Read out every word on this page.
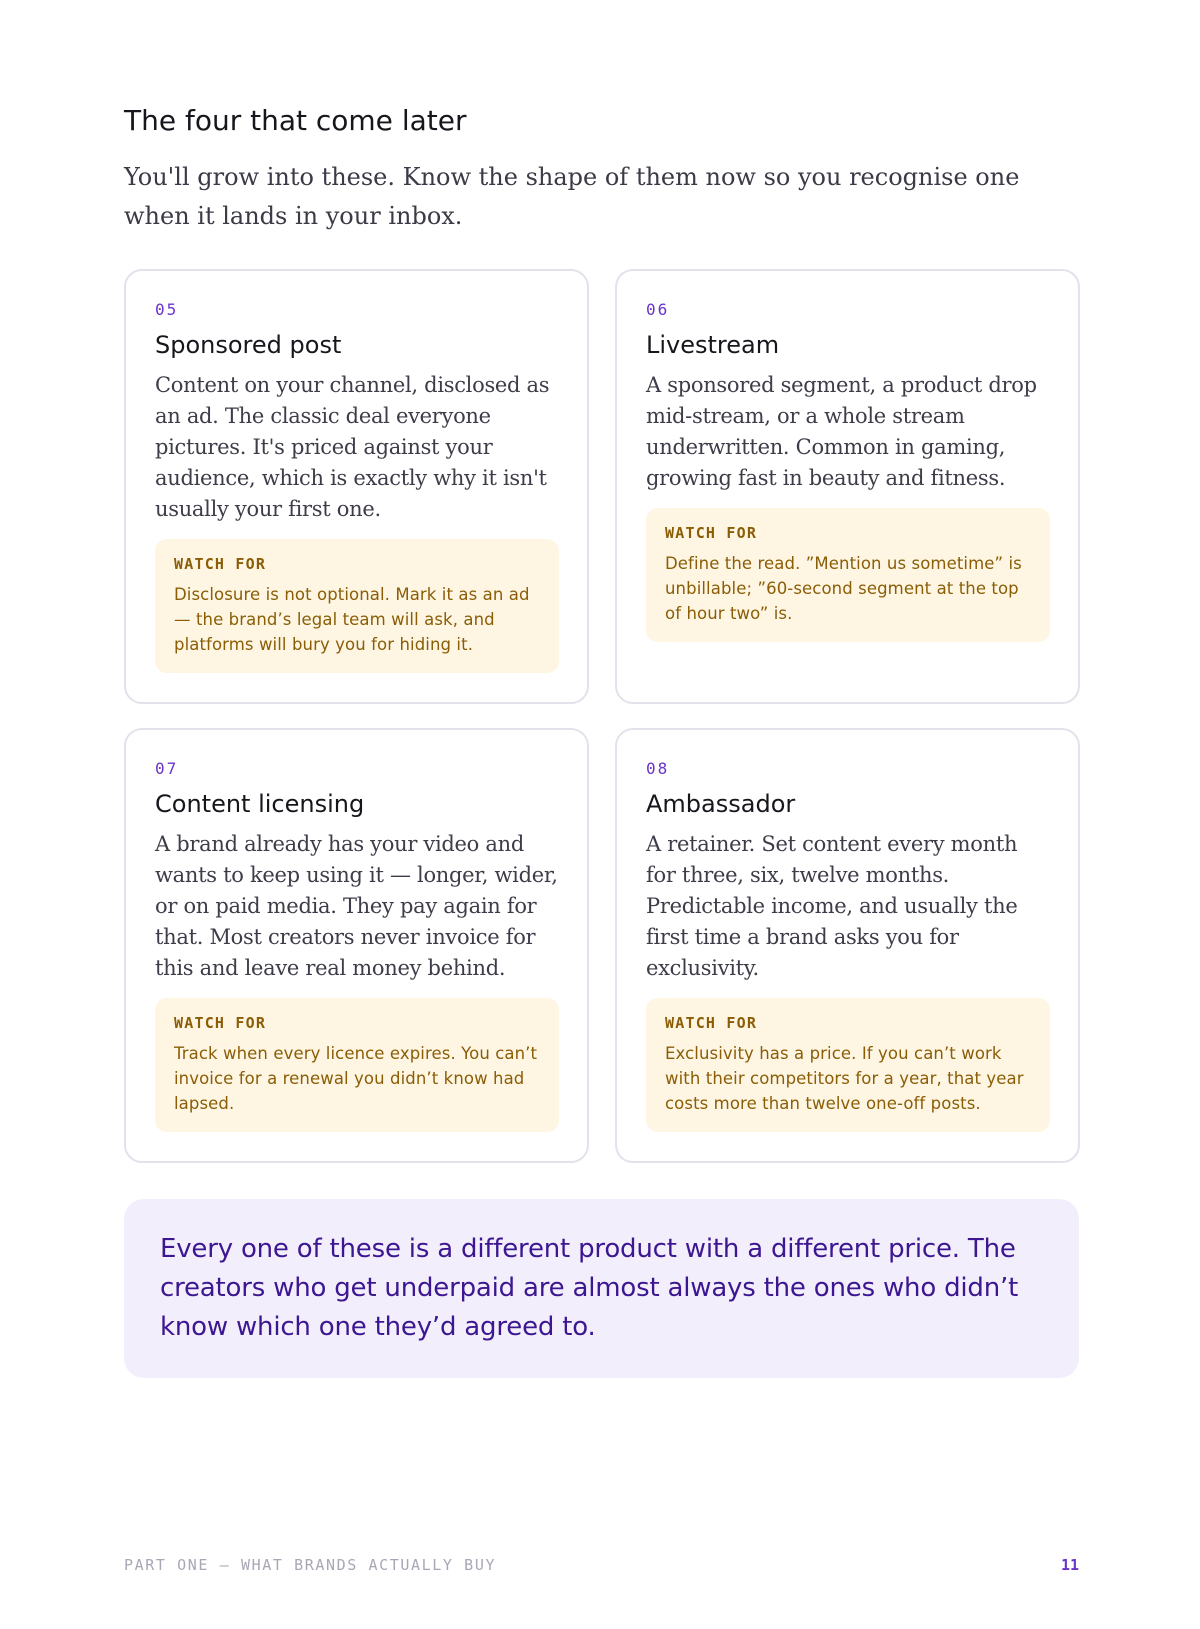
The four that come later

You'll grow into these. Know the shape of them now so you recognise one when it lands in your inbox.

05
Sponsored post

Content on your channel, disclosed as an ad. The classic deal everyone pictures. It's priced against your audience, which is exactly why it isn't usually your first one.

WATCH FOR

Disclosure is not optional. Mark it as an ad — the brand’s legal team will ask, and platforms will bury you for hiding it.

06
Livestream

A sponsored segment, a product drop mid-stream, or a whole stream underwritten. Common in gaming, growing fast in beauty and fitness.

WATCH FOR

Define the read. ”Mention us sometime” is unbillable; ”60-second segment at the top of hour two” is.

07
Content licensing

A brand already has your video and wants to keep using it — longer, wider, or on paid media. They pay again for that. Most creators never invoice for this and leave real money behind.

WATCH FOR

Track when every licence expires. You can’t invoice for a renewal you didn’t know had lapsed.

08
Ambassador

A retainer. Set content every month for three, six, twelve months. Predictable income, and usually the first time a brand asks you for exclusivity.

WATCH FOR

Exclusivity has a price. If you can’t work with their competitors for a year, that year costs more than twelve one-off posts.

Every one of these is a different product with a different price. The creators who get underpaid are almost always the ones who didn’t know which one they’d agreed to.

PART ONE — WHAT BRANDS ACTUALLY BUY	11
